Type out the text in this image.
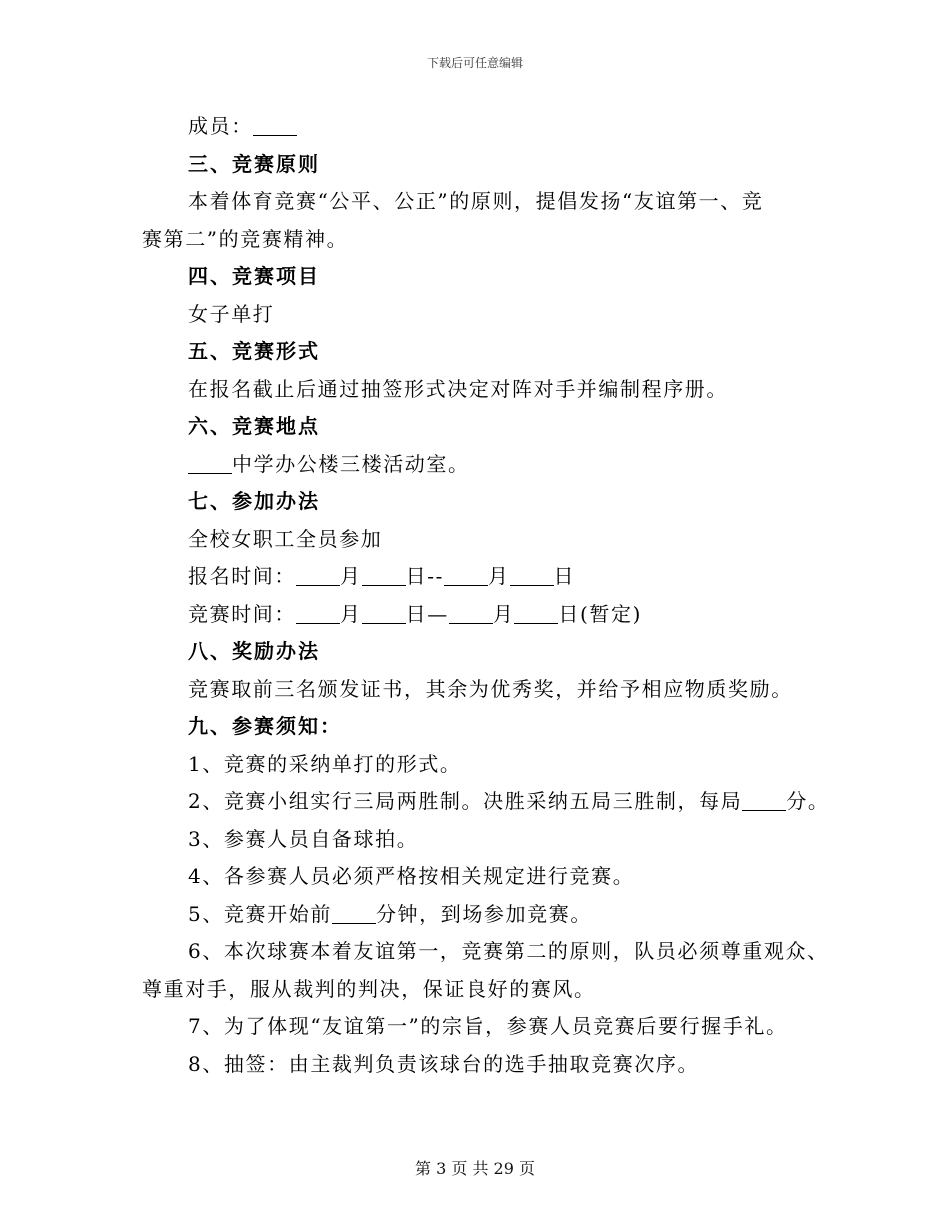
下载后可任意编辑
成员：
三、竞赛原则
本着体育竞赛“公平、公正”的原则，提倡发扬“友谊第一、竞
赛第二”的竞赛精神。
四、竞赛项目
女子单打
五、竞赛形式
在报名截止后通过抽签形式决定对阵对手并编制程序册。
六、竞赛地点
中学办公楼三楼活动室。
七、参加办法
全校女职工全员参加
报名时间： 月 日-- 月 日
竞赛时间： 月 日— 月 日(暂定)
八、奖励办法
竞赛取前三名颁发证书，其余为优秀奖，并给予相应物质奖励。
九、参赛须知：
1、竞赛的采纳单打的形式。
2、竞赛小组实行三局两胜制。决胜采纳五局三胜制，每局 分。
3、参赛人员自备球拍。
4、各参赛人员必须严格按相关规定进行竞赛。
5、竞赛开始前 分钟，到场参加竞赛。
6、本次球赛本着友谊第一，竞赛第二的原则，队员必须尊重观众、
尊重对手，服从裁判的判决，保证良好的赛风。
7、为了体现“友谊第一”的宗旨，参赛人员竞赛后要行握手礼。
8、抽签：由主裁判负责该球台的选手抽取竞赛次序。
第 3 页 共 29 页
